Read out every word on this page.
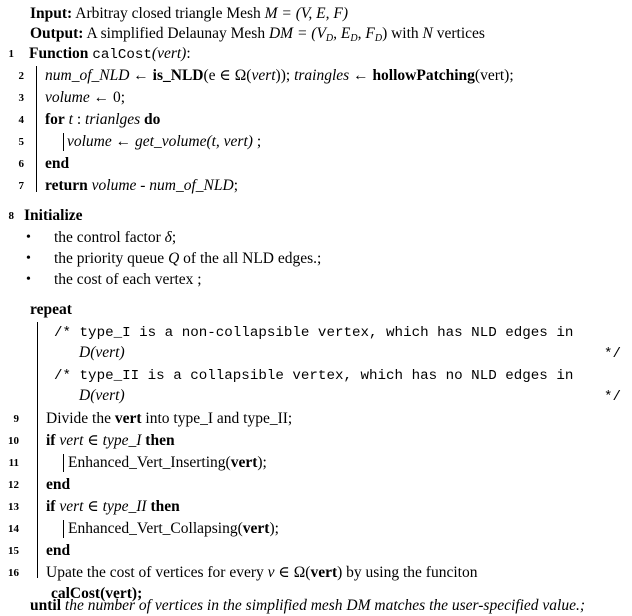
Input: Arbitray closed triangle Mesh M = (V, E, F)
Output: A simplified Delaunay Mesh DM = ($V_D$, $E_D$, $F_D$) with N vertices
1 Function calCost(vert):
2 num_of_NLD ← is_NLD(e ∈ Ω(vert)); traingles ← hollowPatching(vert);
3 volume ← 0;
4 for t : trianlges do
5	volume ← get_volume(t, vert) ;
6 end
7 return volume - num_of_NLD;
8 Initialize
• the control factor δ;
• the priority queue Q of the all NLD edges.;
• the cost of each vertex ;
repeat
/* type_I is a non-collapsible vertex, which has NLD edges in
D(vert)	*/
/* type_II is a collapsible vertex, which has no NLD edges in
D(vert)	*/
9 Divide the vert into type_I and type_II;
10 if vert ∈ type_I then
11	Enhanced_Vert_Inserting(vert);
12 end
13 if vert ∈ type_II then
14	Enhanced_Vert_Collapsing(vert);
15 end
16 Upate the cost of vertices for every v ∈ Ω(vert) by using the funciton
calCost(vert);
until the number of vertices in the simplified mesh DM matches the user-specified value.;
